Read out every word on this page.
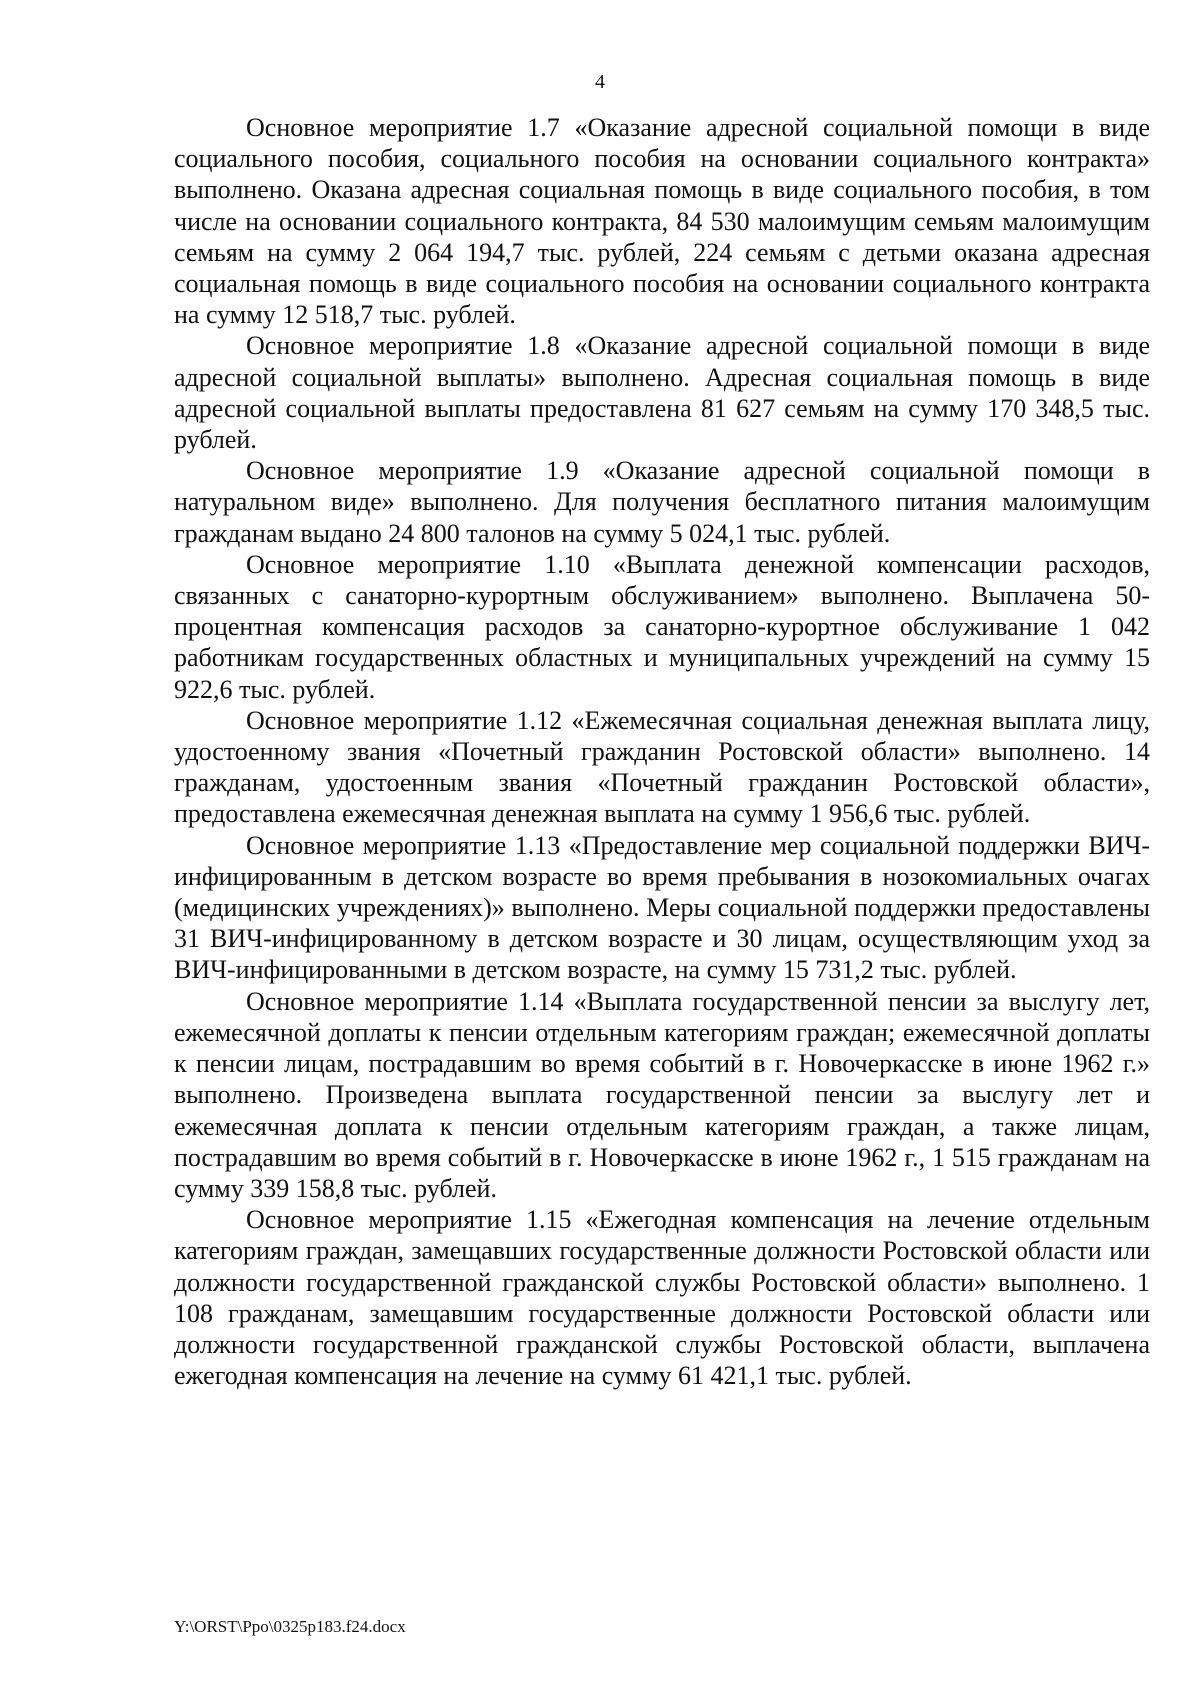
4

Основное мероприятие 1.7 «Оказание адресной социальной помощи в виде социального пособия, социального пособия на основании социального контракта» выполнено. Оказана адресная социальная помощь в виде социального пособия, в том числе на основании социального контракта, 84 530 малоимущим семьям малоимущим семьям на сумму 2 064 194,7 тыс. рублей, 224 семьям с детьми оказана адресная социальная помощь в виде социального пособия на основании социального контракта на сумму 12 518,7 тыс. рублей.

Основное мероприятие 1.8 «Оказание адресной социальной помощи в виде адресной социальной выплаты» выполнено. Адресная социальная помощь в виде адресной социальной выплаты предоставлена 81 627 семьям на сумму 170 348,5 тыс. рублей.

Основное мероприятие 1.9 «Оказание адресной социальной помощи в натуральном виде» выполнено. Для получения бесплатного питания малоимущим гражданам выдано 24 800 талонов на сумму 5 024,1 тыс. рублей.

Основное мероприятие 1.10 «Выплата денежной компенсации расходов, связанных с санаторно-курортным обслуживанием» выполнено. Выплачена 50-процентная компенсация расходов за санаторно-курортное обслуживание 1 042 работникам государственных областных и муниципальных учреждений на сумму 15 922,6 тыс. рублей.

Основное мероприятие 1.12 «Ежемесячная социальная денежная выплата лицу, удостоенному звания «Почетный гражданин Ростовской области» выполнено. 14 гражданам, удостоенным звания «Почетный гражданин Ростовской области», предоставлена ежемесячная денежная выплата на сумму 1 956,6 тыс. рублей.

Основное мероприятие 1.13 «Предоставление мер социальной поддержки ВИЧ-инфицированным в детском возрасте во время пребывания в нозокомиальных очагах (медицинских учреждениях)» выполнено. Меры социальной поддержки предоставлены 31 ВИЧ-инфицированному в детском возрасте и 30 лицам, осуществляющим уход за ВИЧ-инфицированными в детском возрасте, на сумму 15 731,2 тыс. рублей.

Основное мероприятие 1.14 «Выплата государственной пенсии за выслугу лет, ежемесячной доплаты к пенсии отдельным категориям граждан; ежемесячной доплаты к пенсии лицам, пострадавшим во время событий в г. Новочеркасске в июне 1962 г.» выполнено. Произведена выплата государственной пенсии за выслугу лет и ежемесячная доплата к пенсии отдельным категориям граждан, а также лицам, пострадавшим во время событий в г. Новочеркасске в июне 1962 г., 1 515 гражданам на сумму 339 158,8 тыс. рублей.

Основное мероприятие 1.15 «Ежегодная компенсация на лечение отдельным категориям граждан, замещавших государственные должности Ростовской области или должности государственной гражданской службы Ростовской области» выполнено. 1 108 гражданам, замещавшим государственные должности Ростовской области или должности государственной гражданской службы Ростовской области, выплачена ежегодная компенсация на лечение на сумму 61 421,1 тыс. рублей.

Y:\ORST\Ppo\0325p183.f24.docx
